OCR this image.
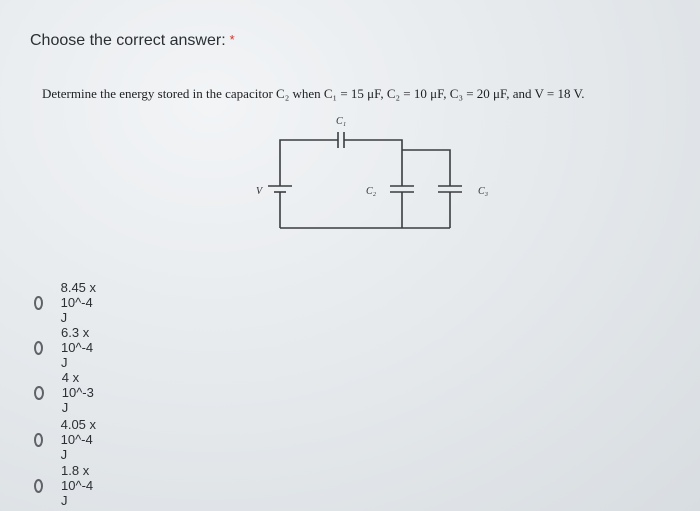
Choose the correct answer: *
Determine the energy stored in the capacitor C₂ when C₁ = 15 μF, C₂ = 10 μF, C₃ = 20 μF, and V = 18 V.
C₁
V	C₂	C₃
8.45 x 10^-4 J
6.3 x 10^-4 J
4 x 10^-3 J
4.05 x 10^-4 J
1.8 x 10^-4 J
